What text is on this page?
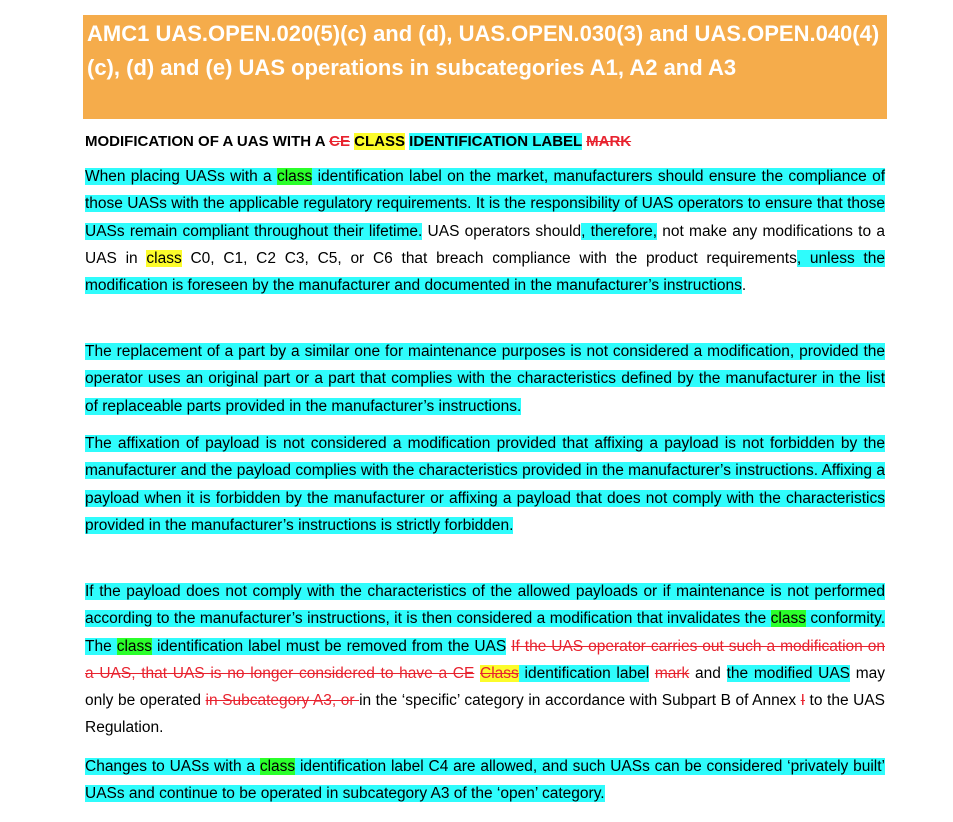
AMC1 UAS.OPEN.020(5)(c) and (d), UAS.OPEN.030(3) and UAS.OPEN.040(4)(c), (d) and (e) UAS operations in subcategories A1, A2 and A3
MODIFICATION OF A UAS WITH A CE CLASS IDENTIFICATION LABEL MARK
When placing UASs with a class identification label on the market, manufacturers should ensure the compliance of those UASs with the applicable regulatory requirements. It is the responsibility of UAS operators to ensure that those UASs remain compliant throughout their lifetime. UAS operators should, therefore, not make any modifications to a UAS in class C0, C1, C2 C3, C5, or C6 that breach compliance with the product requirements, unless the modification is foreseen by the manufacturer and documented in the manufacturer’s instructions.
The replacement of a part by a similar one for maintenance purposes is not considered a modification, provided the operator uses an original part or a part that complies with the characteristics defined by the manufacturer in the list of replaceable parts provided in the manufacturer’s instructions.
The affixation of payload is not considered a modification provided that affixing a payload is not forbidden by the manufacturer and the payload complies with the characteristics provided in the manufacturer’s instructions. Affixing a payload when it is forbidden by the manufacturer or affixing a payload that does not comply with the characteristics provided in the manufacturer’s instructions is strictly forbidden.
If the payload does not comply with the characteristics of the allowed payloads or if maintenance is not performed according to the manufacturer’s instructions, it is then considered a modification that invalidates the class conformity. The class identification label must be removed from the UAS If the UAS operator carries out such a modification on a UAS, that UAS is no longer considered to have a CE Class identification label mark and the modified UAS may only be operated in Subcategory A3, or in the ‘specific’ category in accordance with Subpart B of Annex I to the UAS Regulation.
Changes to UASs with a class identification label C4 are allowed, and such UASs can be considered ‘privately built’ UASs and continue to be operated in subcategory A3 of the ‘open’ category.
